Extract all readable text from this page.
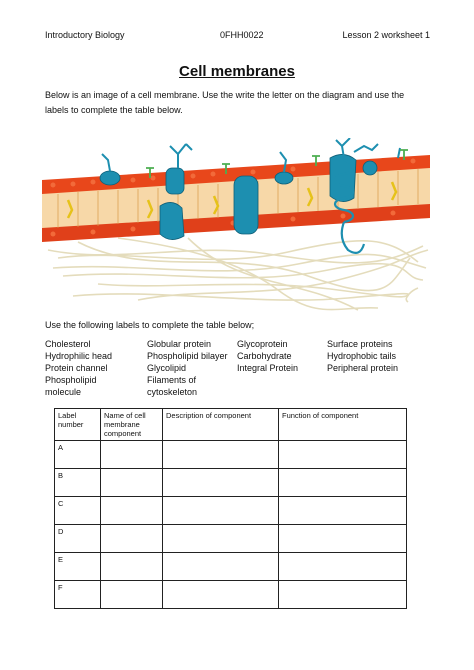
Introductory Biology	0FHH0022	Lesson 2 worksheet 1
Cell membranes
Below is an image of a cell membrane. Use the write the letter on the diagram and use the labels to complete the table below.
Use the following labels to complete the table below;
Cholesterol
Hydrophilic head
Protein channel
Phospholipid
molecule
Globular protein
Phospholipid bilayer
Glycolipid
Filaments of
cytoskeleton
Glycoprotein
Carbohydrate
Integral Protein
Surface proteins
Hydrophobic tails
Peripheral protein
Label number	Name of cell membrane component	Description of component	Function of component
A			
B			
C			
D			
E			
F			
